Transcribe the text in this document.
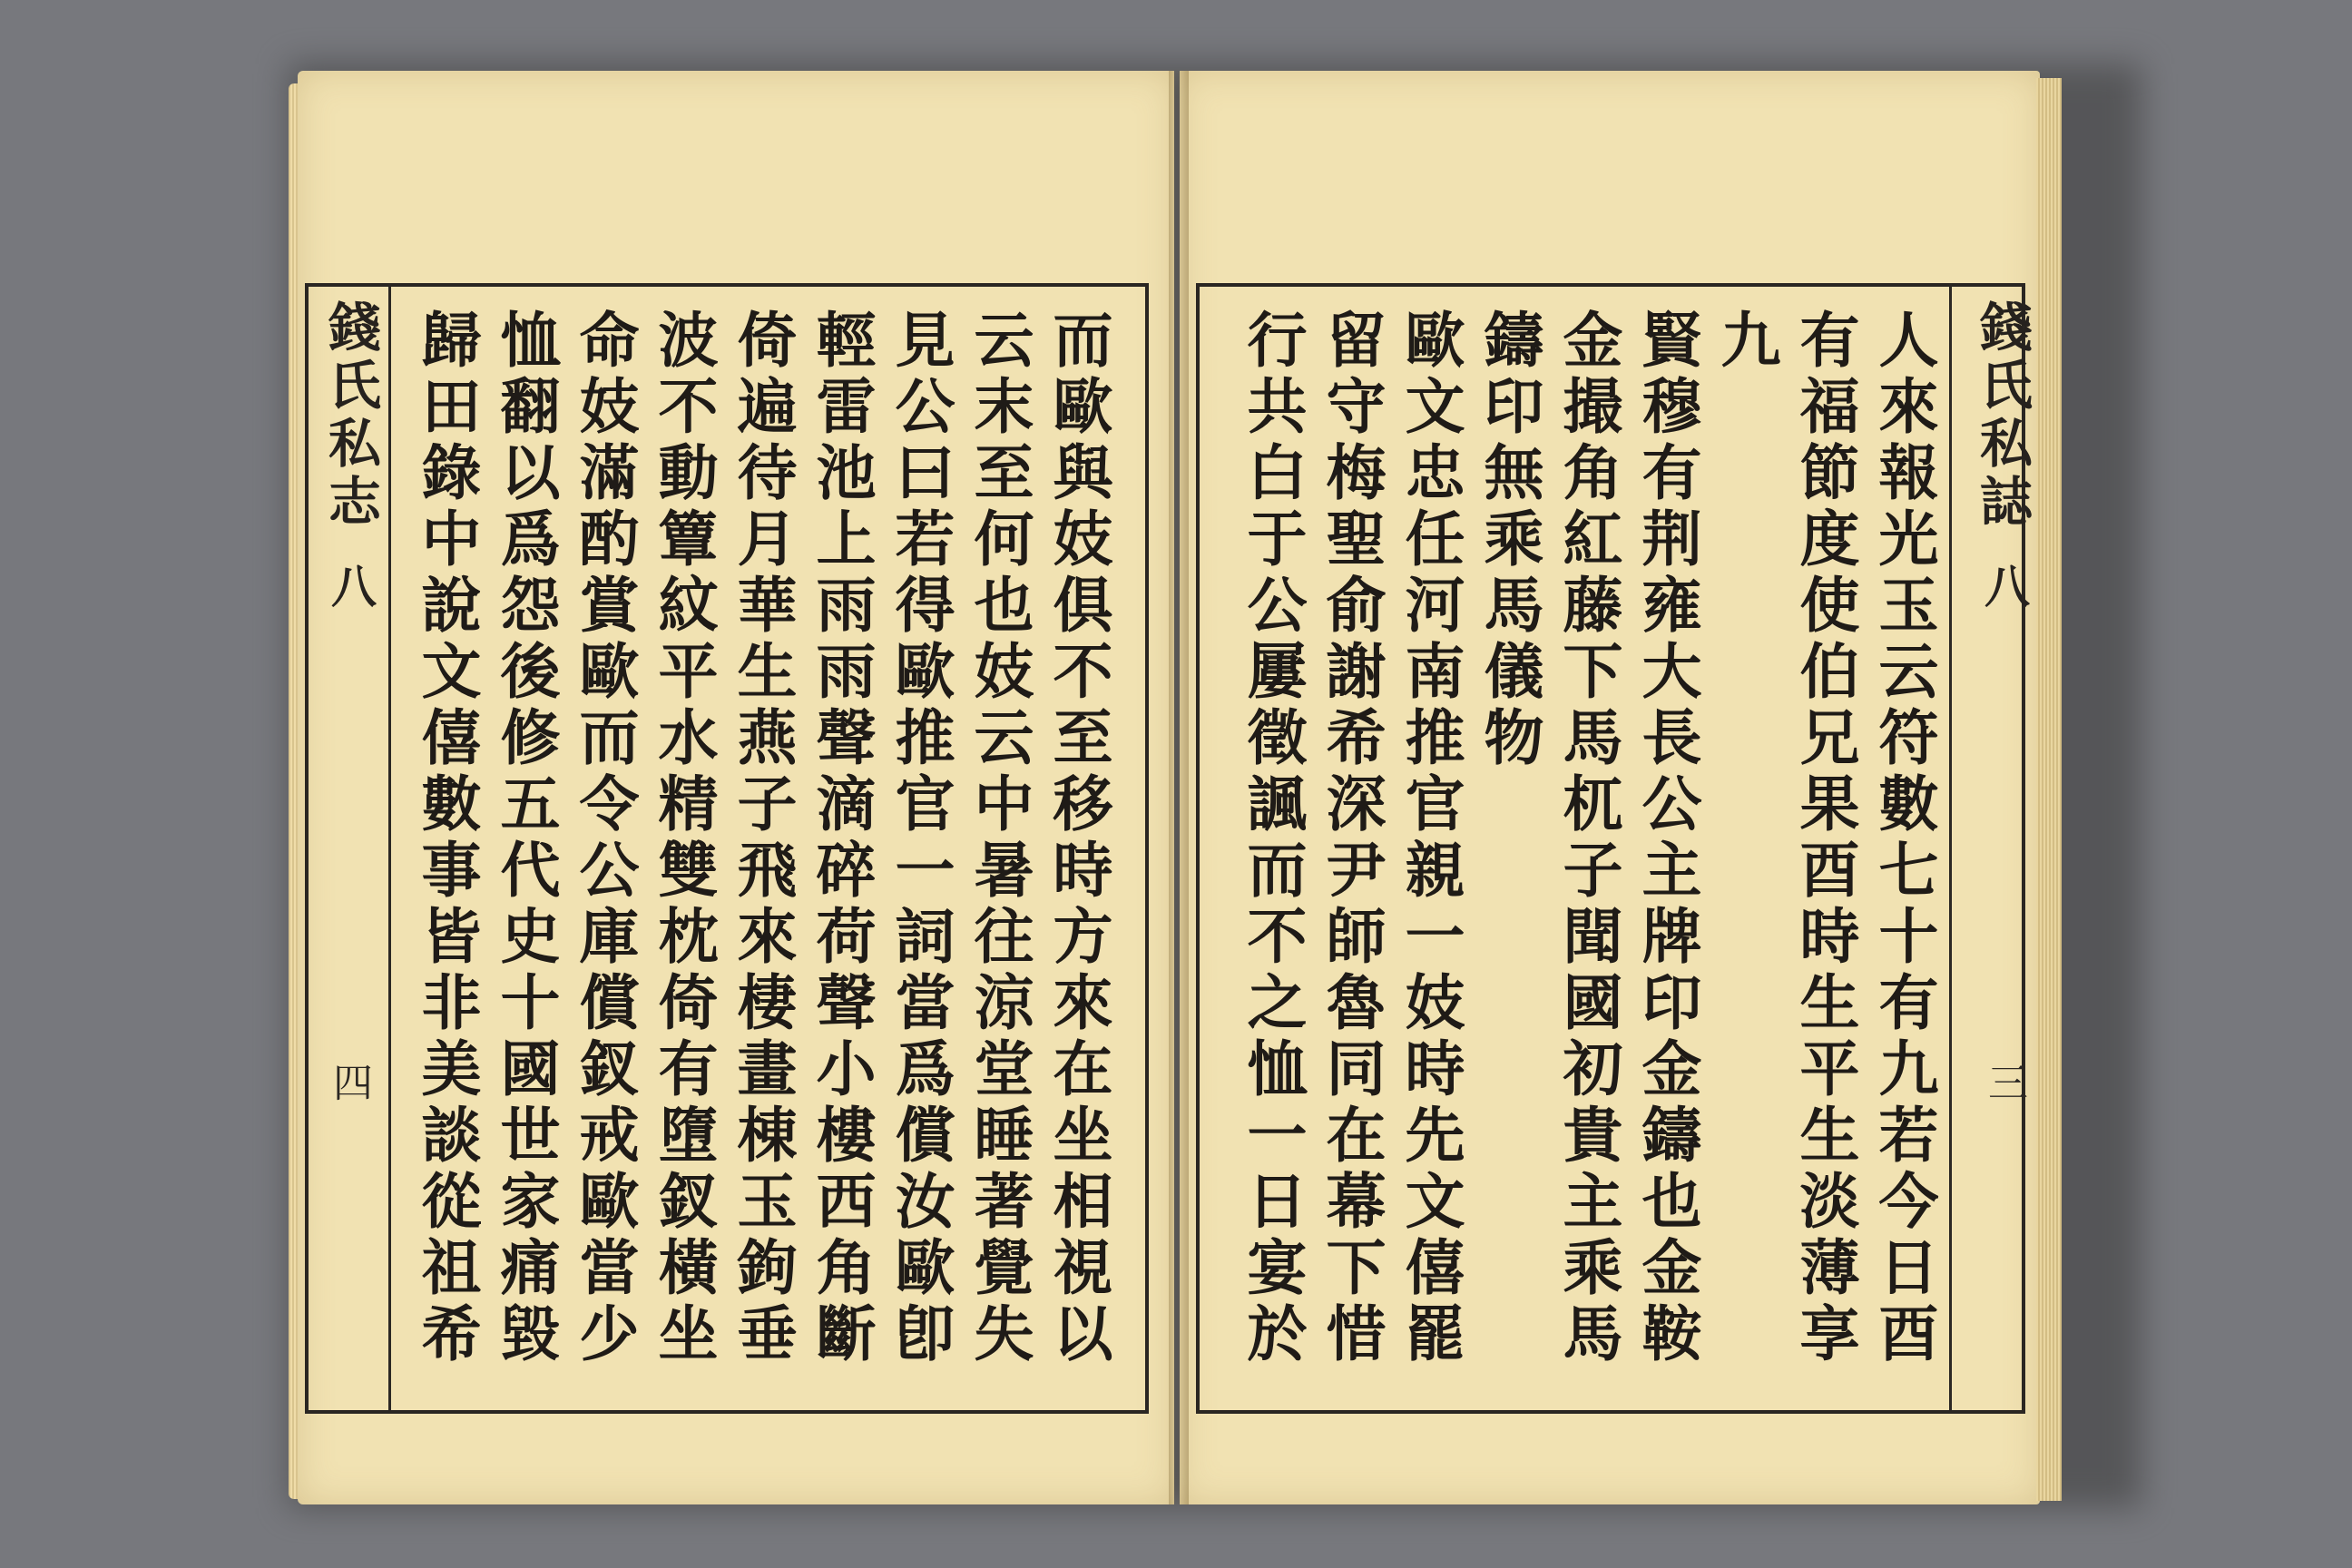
錢氏私志
八
四
錢氏私誌
八
三
而歐與妓俱不至移時方來在坐相視以
云末至何也妓云中暑往涼堂睡著覺失
見公曰若得歐推官一詞當爲償汝歐卽
輕雷池上雨雨聲滴碎荷聲小樓西角斷
倚遍待月華生燕子飛來棲畫棟玉鉤垂
波不動簟紋平水精雙枕倚有墮釵橫坐
命妓滿酌賞歐而令公庫償釵戒歐當少
恤翻以爲怨後修五代史十國世家痛毀
歸田錄中說文僖數事皆非美談從祖希
人來報光玉云符數七十有九若今日酉
有福節度使伯兄果酉時生平生淡薄享
九
賢穆有荆雍大長公主牌印金鑄也金鞍
金撮角紅藤下馬杌子聞國初貴主乘馬
鑄印無乘馬儀物
歐文忠任河南推官親一妓時先文僖罷
留守梅聖俞謝希深尹師魯同在幕下惜
行共白于公屢徵諷而不之恤一日宴於
